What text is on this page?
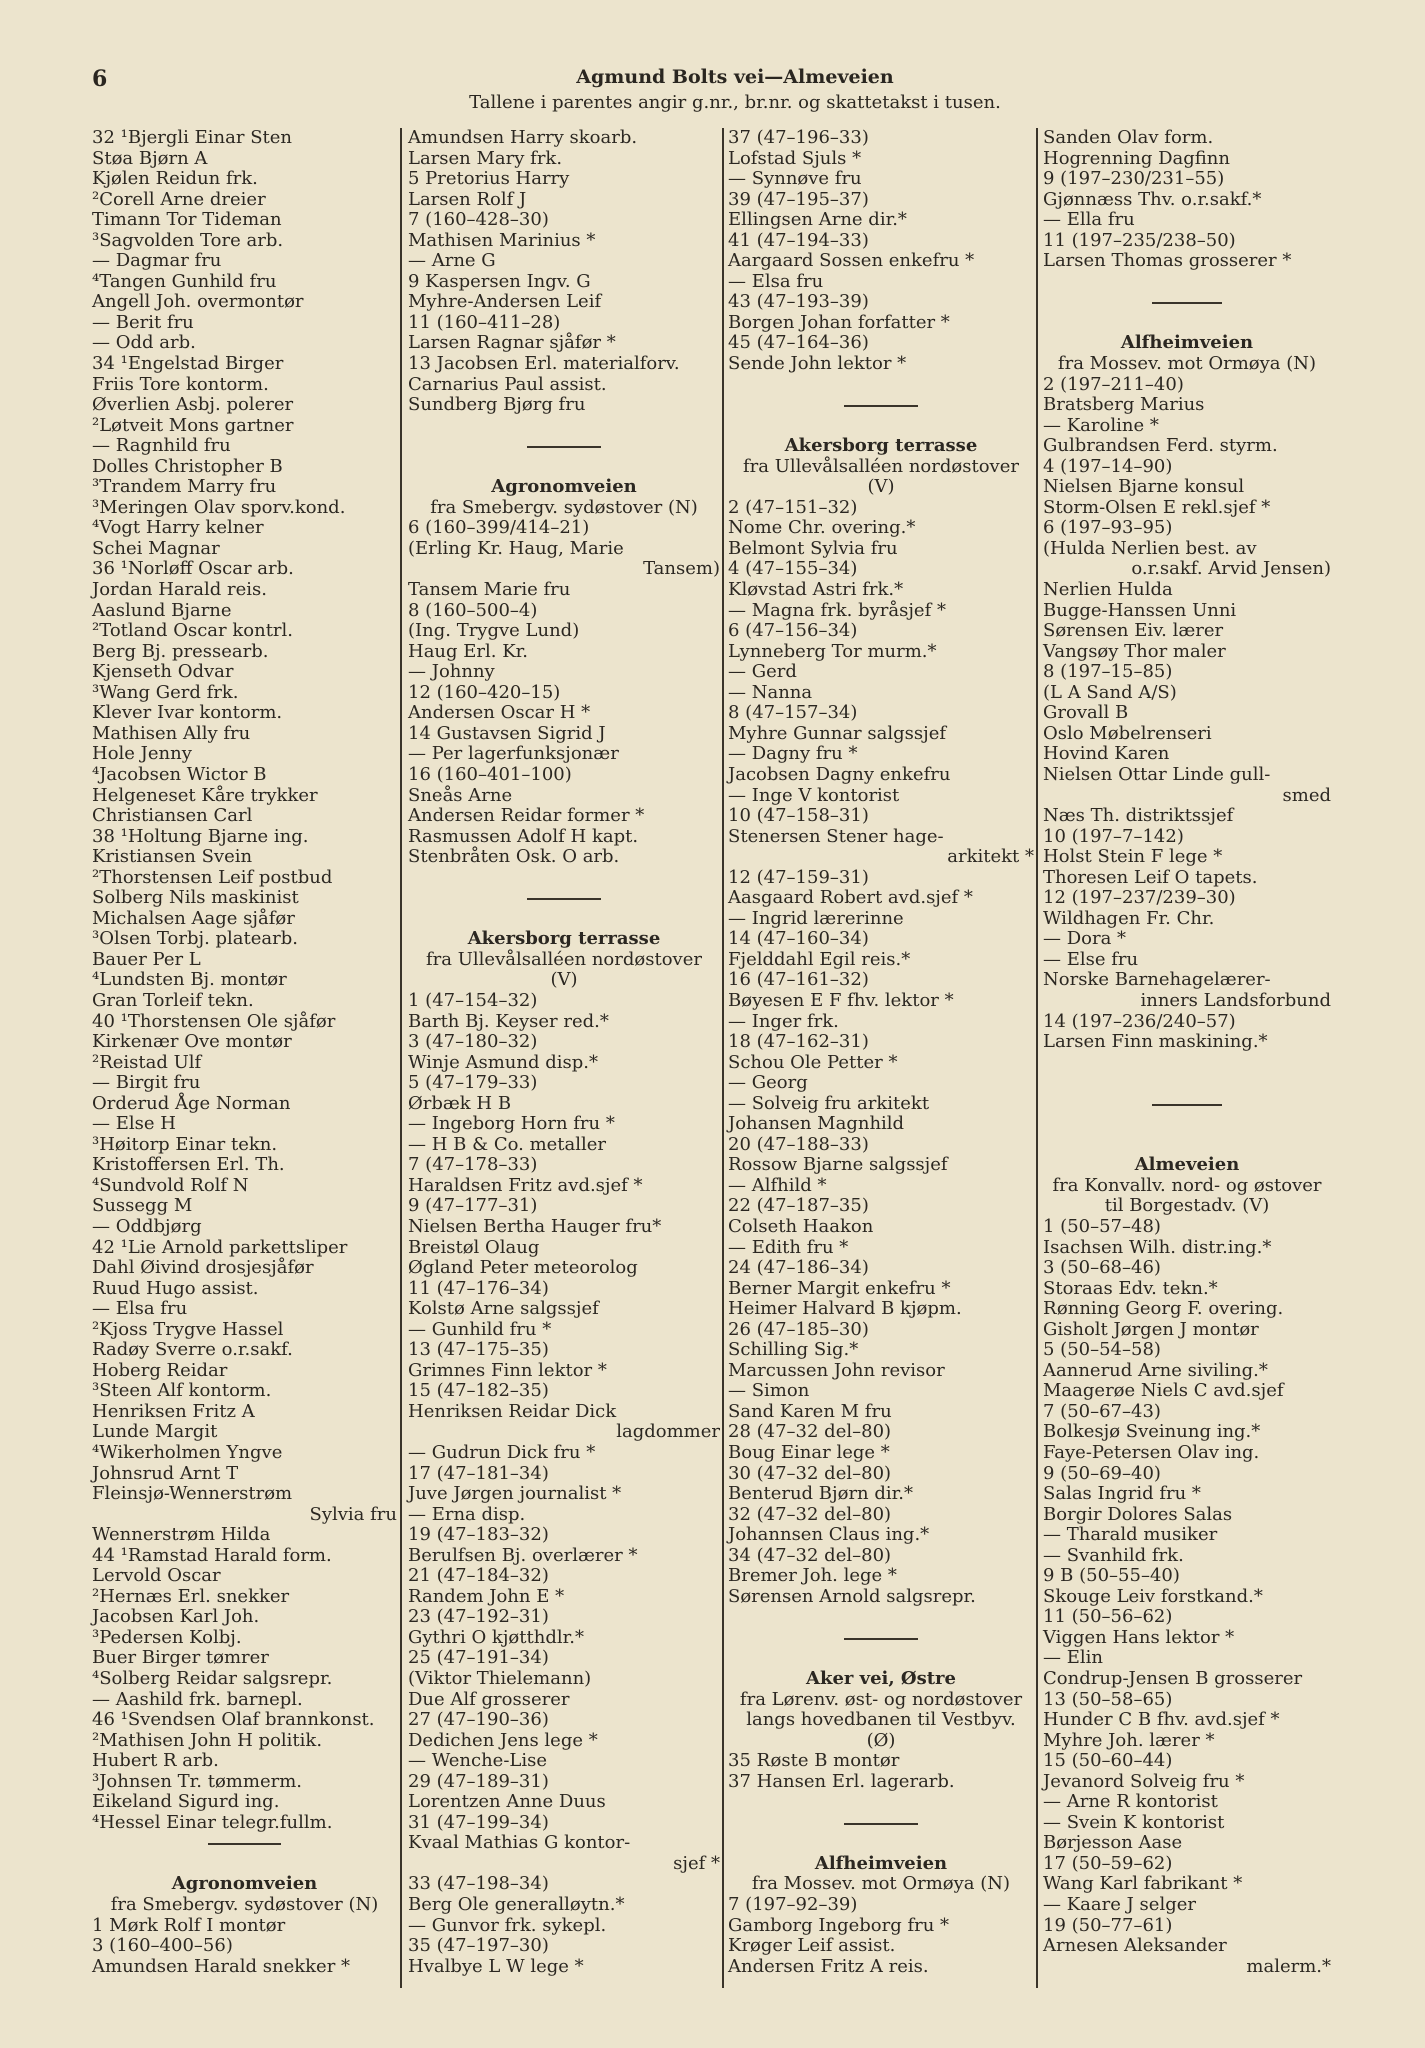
6	Agmund Bolts vei—Almeveien
Tallene i parentes angir g.nr., br.nr. og skattetakst i tusen.
32 ¹Bjergli Einar Sten
Støa Bjørn A
Kjølen Reidun frk.
²Corell Arne dreier
Timann Tor Tideman
³Sagvolden Tore arb.
— Dagmar fru
⁴Tangen Gunhild fru
Angell Joh. overmontør
— Berit fru
— Odd arb.
34 ¹Engelstad Birger
Friis Tore kontorm.
Øverlien Asbj. polerer
²Løtveit Mons gartner
— Ragnhild fru
Dolles Christopher B
³Trandem Marry fru
³Meringen Olav sporv.kond.
⁴Vogt Harry kelner
Schei Magnar
36 ¹Norløff Oscar arb.
Jordan Harald reis.
Aaslund Bjarne
²Totland Oscar kontrl.
Berg Bj. pressearb.
Kjenseth Odvar
³Wang Gerd frk.
Klever Ivar kontorm.
Mathisen Ally fru
Hole Jenny
⁴Jacobsen Wictor B
Helgeneset Kåre trykker
Christiansen Carl
38 ¹Holtung Bjarne ing.
Kristiansen Svein
²Thorstensen Leif postbud
Solberg Nils maskinist
Michalsen Aage sjåfør
³Olsen Torbj. platearb.
Bauer Per L
⁴Lundsten Bj. montør
Gran Torleif tekn.
40 ¹Thorstensen Ole sjåfør
Kirkenær Ove montør
²Reistad Ulf
— Birgit fru
Orderud Åge Norman
— Else H
³Høitorp Einar tekn.
Kristoffersen Erl. Th.
⁴Sundvold Rolf N
Sussegg M
— Oddbjørg
42 ¹Lie Arnold parkettsliper
Dahl Øivind drosjesjåfør
Ruud Hugo assist.
— Elsa fru
²Kjoss Trygve Hassel
Radøy Sverre o.r.sakf.
Hoberg Reidar
³Steen Alf kontorm.
Henriksen Fritz A
Lunde Margit
⁴Wikerholmen Yngve
Johnsrud Arnt T
Fleinsjø-Wennerstrøm
Sylvia fru
Wennerstrøm Hilda
44 ¹Ramstad Harald form.
Lervold Oscar
²Hernæs Erl. snekker
Jacobsen Karl Joh.
³Pedersen Kolbj.
Buer Birger tømrer
⁴Solberg Reidar salgsrepr.
— Aashild frk. barnepl.
46 ¹Svendsen Olaf brannkonst.
²Mathisen John H politik.
Hubert R arb.
³Johnsen Tr. tømmerm.
Eikeland Sigurd ing.
⁴Hessel Einar telegr.fullm.
Agronomveien
fra Smebergv. sydøstover (N)
1 Mørk Rolf I montør
3 (160–400–56)
Amundsen Harald snekker *
Amundsen Harry skoarb.
Larsen Mary frk.
5 Pretorius Harry
Larsen Rolf J
7 (160–428–30)
Mathisen Marinius *
— Arne G
9 Kaspersen Ingv. G
Myhre-Andersen Leif
11 (160–411–28)
Larsen Ragnar sjåfør *
13 Jacobsen Erl. materialforv.
Carnarius Paul assist.
Sundberg Bjørg fru
Agronomveien
fra Smebergv. sydøstover (N)
6 (160–399/414–21)
(Erling Kr. Haug, Marie
Tansem)
Tansem Marie fru
8 (160–500–4)
(Ing. Trygve Lund)
Haug Erl. Kr.
— Johnny
12 (160–420–15)
Andersen Oscar H *
14 Gustavsen Sigrid J
— Per lagerfunksjonær
16 (160–401–100)
Sneås Arne
Andersen Reidar former *
Rasmussen Adolf H kapt.
Stenbråten Osk. O arb.
Akersborg terrasse
fra Ullevålsalléen nordøstover
(V)
1 (47–154–32)
Barth Bj. Keyser red.*
3 (47–180–32)
Winje Asmund disp.*
5 (47–179–33)
Ørbæk H B
— Ingeborg Horn fru *
— H B & Co. metaller
7 (47–178–33)
Haraldsen Fritz avd.sjef *
9 (47–177–31)
Nielsen Bertha Hauger fru*
Breistøl Olaug
Øgland Peter meteorolog
11 (47–176–34)
Kolstø Arne salgssjef
— Gunhild fru *
13 (47–175–35)
Grimnes Finn lektor *
15 (47–182–35)
Henriksen Reidar Dick
lagdommer
— Gudrun Dick fru *
17 (47–181–34)
Juve Jørgen journalist *
— Erna disp.
19 (47–183–32)
Berulfsen Bj. overlærer *
21 (47–184–32)
Randem John E *
23 (47–192–31)
Gythri O kjøtthdlr.*
25 (47–191–34)
(Viktor Thielemann)
Due Alf grosserer
27 (47–190–36)
Dedichen Jens lege *
— Wenche-Lise
29 (47–189–31)
Lorentzen Anne Duus
31 (47–199–34)
Kvaal Mathias G kontor-
sjef *
33 (47–198–34)
Berg Ole generalløytn.*
— Gunvor frk. sykepl.
35 (47–197–30)
Hvalbye L W lege *
37 (47–196–33)
Lofstad Sjuls *
— Synnøve fru
39 (47–195–37)
Ellingsen Arne dir.*
41 (47–194–33)
Aargaard Sossen enkefru *
— Elsa fru
43 (47–193–39)
Borgen Johan forfatter *
45 (47–164–36)
Sende John lektor *
Akersborg terrasse
fra Ullevålsalléen nordøstover
(V)
2 (47–151–32)
Nome Chr. overing.*
Belmont Sylvia fru
4 (47–155–34)
Kløvstad Astri frk.*
— Magna frk. byråsjef *
6 (47–156–34)
Lynneberg Tor murm.*
— Gerd
— Nanna
8 (47–157–34)
Myhre Gunnar salgssjef
— Dagny fru *
Jacobsen Dagny enkefru
— Inge V kontorist
10 (47–158–31)
Stenersen Stener hage-
arkitekt *
12 (47–159–31)
Aasgaard Robert avd.sjef *
— Ingrid lærerinne
14 (47–160–34)
Fjelddahl Egil reis.*
16 (47–161–32)
Bøyesen E F fhv. lektor *
— Inger frk.
18 (47–162–31)
Schou Ole Petter *
— Georg
— Solveig fru arkitekt
Johansen Magnhild
20 (47–188–33)
Rossow Bjarne salgssjef
— Alfhild *
22 (47–187–35)
Colseth Haakon
— Edith fru *
24 (47–186–34)
Berner Margit enkefru *
Heimer Halvard B kjøpm.
26 (47–185–30)
Schilling Sig.*
Marcussen John revisor
— Simon
Sand Karen M fru
28 (47–32 del–80)
Boug Einar lege *
30 (47–32 del–80)
Benterud Bjørn dir.*
32 (47–32 del–80)
Johannsen Claus ing.*
34 (47–32 del–80)
Bremer Joh. lege *
Sørensen Arnold salgsrepr.
Aker vei, Østre
fra Lørenv. øst- og nordøstover
langs hovedbanen til Vestbyv.
(Ø)
35 Røste B montør
37 Hansen Erl. lagerarb.
Alfheimveien
fra Mossev. mot Ormøya (N)
7 (197–92–39)
Gamborg Ingeborg fru *
Krøger Leif assist.
Andersen Fritz A reis.
Sanden Olav form.
Hogrenning Dagfinn
9 (197–230/231–55)
Gjønnæss Thv. o.r.sakf.*
— Ella fru
11 (197–235/238–50)
Larsen Thomas grosserer *
Alfheimveien
fra Mossev. mot Ormøya (N)
2 (197–211–40)
Bratsberg Marius
— Karoline *
Gulbrandsen Ferd. styrm.
4 (197–14–90)
Nielsen Bjarne konsul
Storm-Olsen E rekl.sjef *
6 (197–93–95)
(Hulda Nerlien best. av
o.r.sakf. Arvid Jensen)
Nerlien Hulda
Bugge-Hanssen Unni
Sørensen Eiv. lærer
Vangsøy Thor maler
8 (197–15–85)
(L A Sand A/S)
Grovall B
Oslo Møbelrenseri
Hovind Karen
Nielsen Ottar Linde gull-
smed
Næs Th. distriktssjef
10 (197–7–142)
Holst Stein F lege *
Thoresen Leif O tapets.
12 (197–237/239–30)
Wildhagen Fr. Chr.
— Dora *
— Else fru
Norske Barnehagelærer-
inners Landsforbund
14 (197–236/240–57)
Larsen Finn maskining.*
Almeveien
fra Konvallv. nord- og østover
til Borgestadv. (V)
1 (50–57–48)
Isachsen Wilh. distr.ing.*
3 (50–68–46)
Storaas Edv. tekn.*
Rønning Georg F. overing.
Gisholt Jørgen J montør
5 (50–54–58)
Aannerud Arne siviling.*
Maagerøe Niels C avd.sjef
7 (50–67–43)
Bolkesjø Sveinung ing.*
Faye-Petersen Olav ing.
9 (50–69–40)
Salas Ingrid fru *
Borgir Dolores Salas
— Tharald musiker
— Svanhild frk.
9 B (50–55–40)
Skouge Leiv forstkand.*
11 (50–56–62)
Viggen Hans lektor *
— Elin
Condrup-Jensen B grosserer
13 (50–58–65)
Hunder C B fhv. avd.sjef *
Myhre Joh. lærer *
15 (50–60–44)
Jevanord Solveig fru *
— Arne R kontorist
— Svein K kontorist
Børjesson Aase
17 (50–59–62)
Wang Karl fabrikant *
— Kaare J selger
19 (50–77–61)
Arnesen Aleksander
malerm.*
